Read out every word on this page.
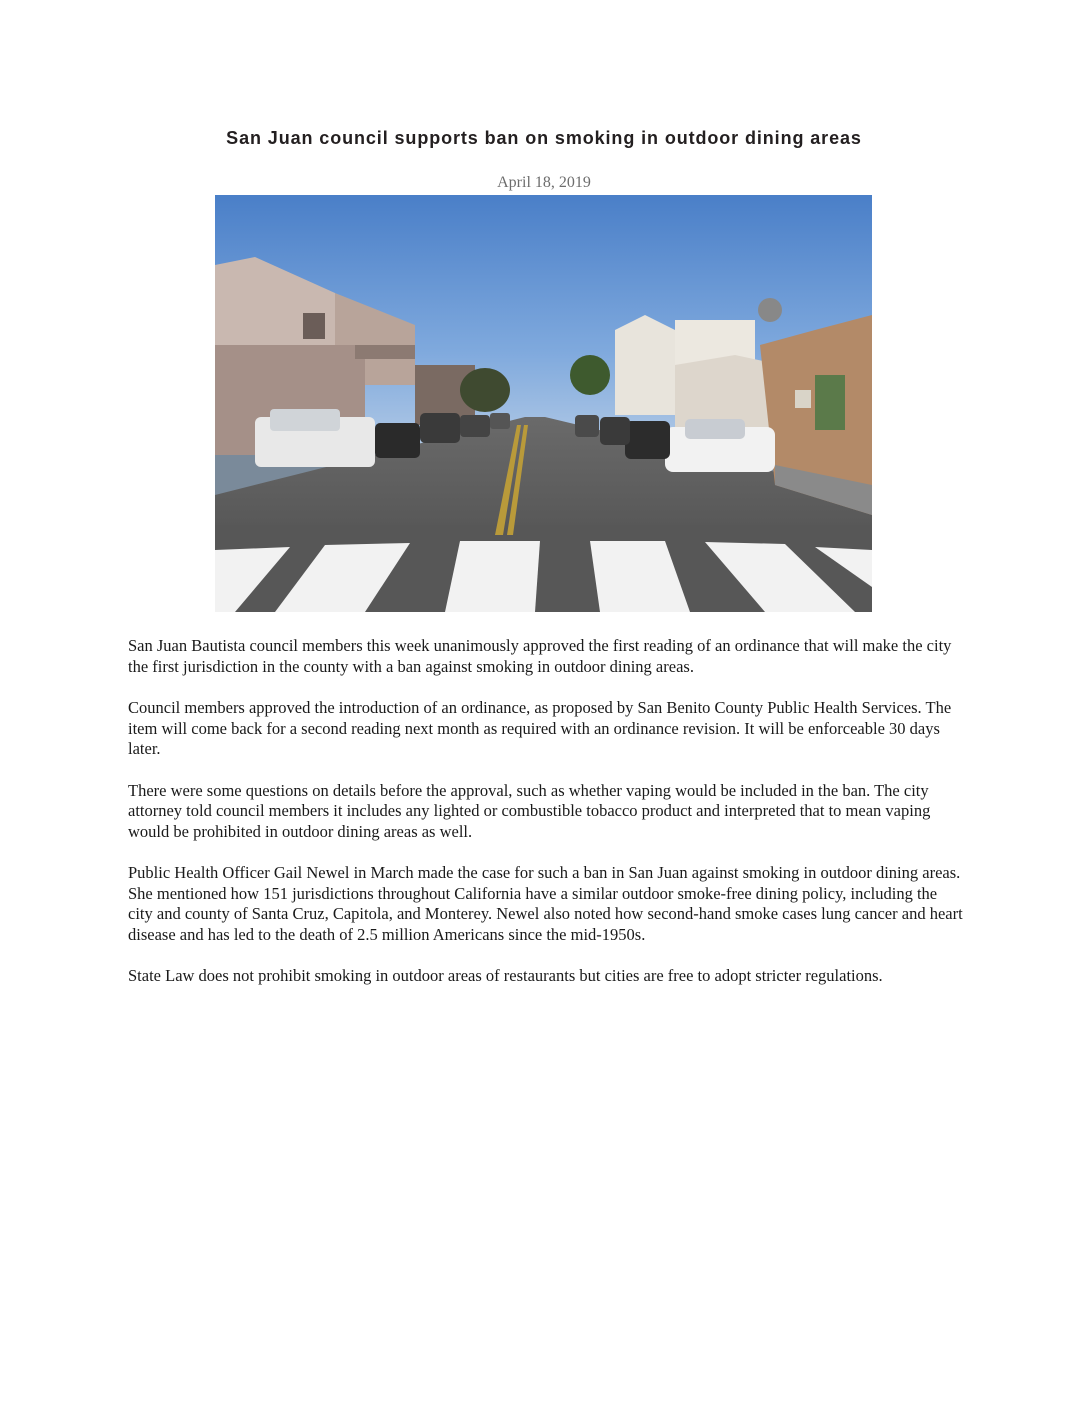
San Juan council supports ban on smoking in outdoor dining areas
April 18, 2019

San Juan Bautista council members this week unanimously approved the first reading of an ordinance that will make the city the first jurisdiction in the county with a ban against smoking in outdoor dining areas.

Council members approved the introduction of an ordinance, as proposed by San Benito County Public Health Services. The item will come back for a second reading next month as required with an ordinance revision. It will be enforceable 30 days later.

There were some questions on details before the approval, such as whether vaping would be included in the ban. The city attorney told council members it includes any lighted or combustible tobacco product and interpreted that to mean vaping would be prohibited in outdoor dining areas as well.

Public Health Officer Gail Newel in March made the case for such a ban in San Juan against smoking in outdoor dining areas. She mentioned how 151 jurisdictions throughout California have a similar outdoor smoke-free dining policy, including the city and county of Santa Cruz, Capitola, and Monterey. Newel also noted how second-hand smoke cases lung cancer and heart disease and has led to the death of 2.5 million Americans since the mid-1950s.

State Law does not prohibit smoking in outdoor areas of restaurants but cities are free to adopt stricter regulations.
